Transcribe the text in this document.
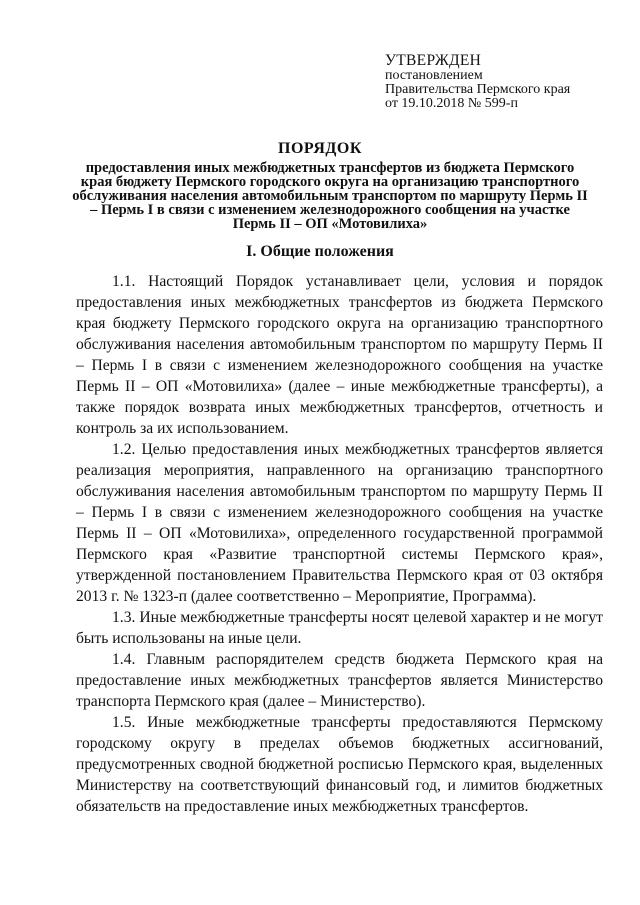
УТВЕРЖДЕН
постановлением
Правительства Пермского края
от 19.10.2018 № 599-п
ПОРЯДОК
предоставления иных межбюджетных трансфертов из бюджета Пермского края бюджету Пермского городского округа на организацию транспортного обслуживания населения автомобильным транспортом по маршруту Пермь II – Пермь I в связи с изменением железнодорожного сообщения на участке Пермь II – ОП «Мотовилиха»
I. Общие положения

1.1. Настоящий Порядок устанавливает цели, условия и порядок предоставления иных межбюджетных трансфертов из бюджета Пермского края бюджету Пермского городского округа на организацию транспортного обслуживания населения автомобильным транспортом по маршруту Пермь II – Пермь I в связи с изменением железнодорожного сообщения на участке Пермь II – ОП «Мотовилиха» (далее – иные межбюджетные трансферты), а также порядок возврата иных межбюджетных трансфертов, отчетность и контроль за их использованием.

1.2. Целью предоставления иных межбюджетных трансфертов является реализация мероприятия, направленного на организацию транспортного обслуживания населения автомобильным транспортом по маршруту Пермь II – Пермь I в связи с изменением железнодорожного сообщения на участке Пермь II – ОП «Мотовилиха», определенного государственной программой Пермского края «Развитие транспортной системы Пермского края», утвержденной постановлением Правительства Пермского края от 03 октября 2013 г. № 1323-п (далее соответственно – Мероприятие, Программа).

1.3. Иные межбюджетные трансферты носят целевой характер и не могут быть использованы на иные цели.

1.4. Главным распорядителем средств бюджета Пермского края на предоставление иных межбюджетных трансфертов является Министерство транспорта Пермского края (далее – Министерство).

1.5. Иные межбюджетные трансферты предоставляются Пермскому городскому округу в пределах объемов бюджетных ассигнований, предусмотренных сводной бюджетной росписью Пермского края, выделенных Министерству на соответствующий финансовый год, и лимитов бюджетных обязательств на предоставление иных межбюджетных трансфертов.
